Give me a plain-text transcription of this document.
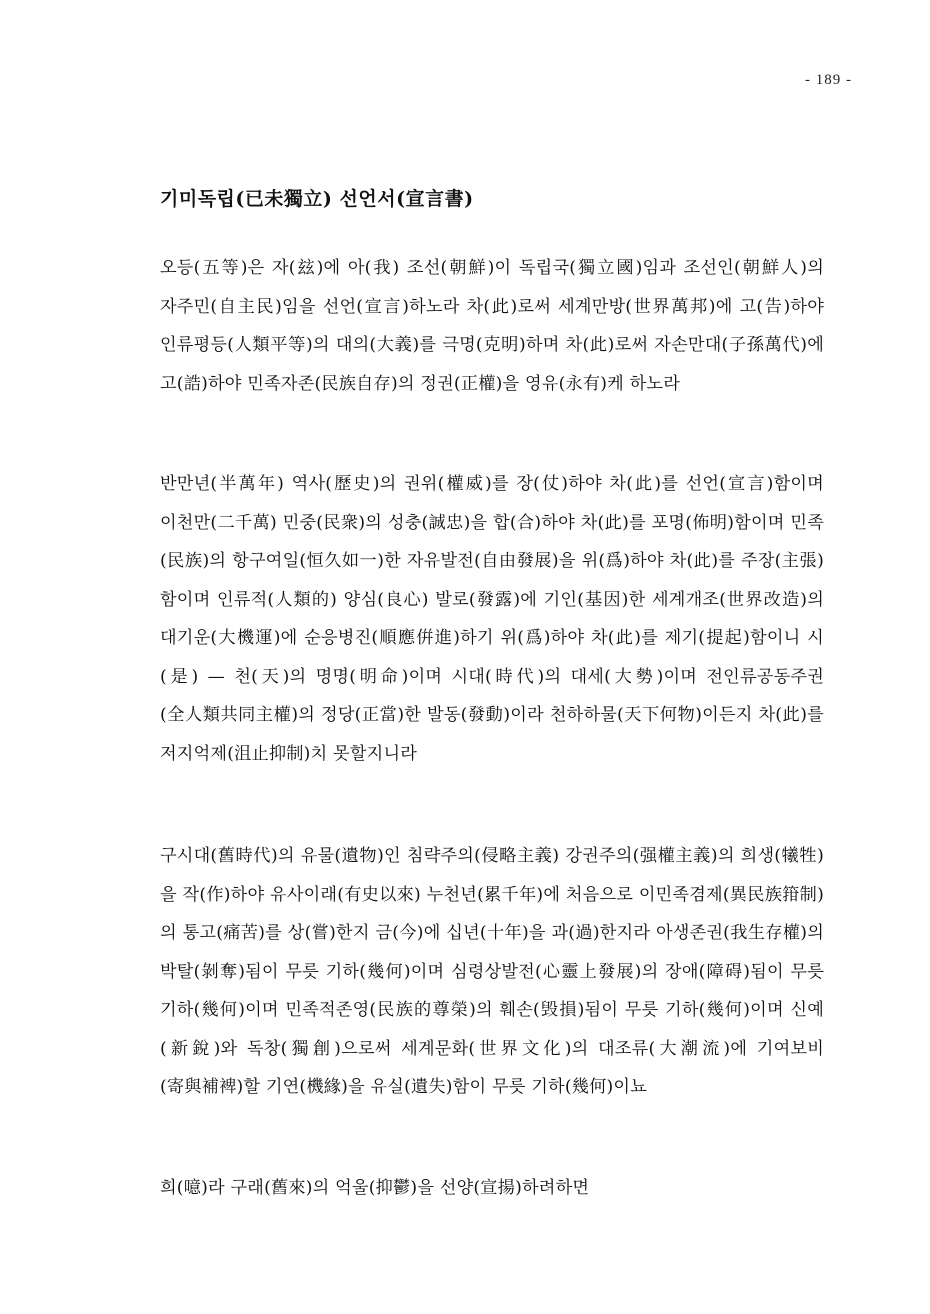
- 189 -
기미독립(已未獨立) 선언서(宣言書)

오등(五等)은 자(玆)에 아(我) 조선(朝鮮)이 독립국(獨立國)임과 조선인(朝鮮人)의 자주민(自主民)임을 선언(宣言)하노라 차(此)로써 세계만방(世界萬邦)에 고(告)하야 인류평등(人類平等)의 대의(大義)를 극명(克明)하며 차(此)로써 자손만대(子孫萬代)에 고(誥)하야 민족자존(民族自存)의 정권(正權)을 영유(永有)케 하노라

반만년(半萬年) 역사(歷史)의 권위(權威)를 장(仗)하야 차(此)를 선언(宣言)함이며 이천만(二千萬) 민중(民衆)의 성충(誠忠)을 합(合)하야 차(此)를 포명(佈明)함이며 민족(民族)의 항구여일(恒久如一)한 자유발전(自由發展)을 위(爲)하야 차(此)를 주장(主張)함이며 인류적(人類的) 양심(良心) 발로(發露)에 기인(基因)한 세계개조(世界改造)의 대기운(大機運)에 순응병진(順應倂進)하기 위(爲)하야 차(此)를 제기(提起)함이니 시(是) — 천(天)의 명명(明命)이며 시대(時代)의 대세(大勢)이며 전인류공동주권(全人類共同主權)의 정당(正當)한 발동(發動)이라 천하하물(天下何物)이든지 차(此)를 저지억제(沮止抑制)치 못할지니라

구시대(舊時代)의 유물(遺物)인 침략주의(侵略主義) 강권주의(强權主義)의 희생(犧牲)을 작(作)하야 유사이래(有史以來) 누천년(累千年)에 처음으로 이민족겸제(異民族箝制)의 통고(痛苦)를 상(嘗)한지 금(今)에 십년(十年)을 과(過)한지라 아생존권(我生存權)의 박탈(剝奪)됨이 무릇 기하(幾何)이며 심령상발전(心靈上發展)의 장애(障碍)됨이 무릇 기하(幾何)이며 민족적존영(民族的尊榮)의 훼손(毁損)됨이 무릇 기하(幾何)이며 신예(新銳)와 독창(獨創)으로써 세계문화(世界文化)의 대조류(大潮流)에 기여보비(寄與補裨)할 기연(機緣)을 유실(遺失)함이 무릇 기하(幾何)이뇨

희(噫)라 구래(舊來)의 억울(抑鬱)을 선양(宣揚)하려하면
